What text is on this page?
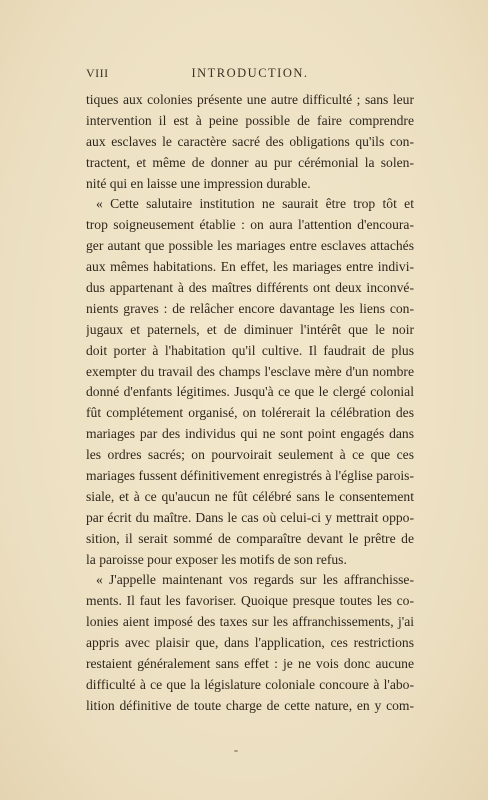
VIII	INTRODUCTION.
tiques aux colonies présente une autre difficulté ; sans leur
intervention il est à peine possible de faire comprendre
aux esclaves le caractère sacré des obligations qu'ils con-
tractent, et même de donner au pur cérémonial la solen-
nité qui en laisse une impression durable.
« Cette salutaire institution ne saurait être trop tôt et
trop soigneusement établie : on aura l'attention d'encoura-
ger autant que possible les mariages entre esclaves attachés
aux mêmes habitations. En effet, les mariages entre indivi-
dus appartenant à des maîtres différents ont deux inconvé-
nients graves : de relâcher encore davantage les liens con-
jugaux et paternels, et de diminuer l'intérêt que le noir
doit porter à l'habitation qu'il cultive. Il faudrait de plus
exempter du travail des champs l'esclave mère d'un nombre
donné d'enfants légitimes. Jusqu'à ce que le clergé colonial
fût complétement organisé, on tolérerait la célébration des
mariages par des individus qui ne sont point engagés dans
les ordres sacrés; on pourvoirait seulement à ce que ces
mariages fussent définitivement enregistrés à l'église parois-
siale, et à ce qu'aucun ne fût célébré sans le consentement
par écrit du maître. Dans le cas où celui-ci y mettrait oppo-
sition, il serait sommé de comparaître devant le prêtre de
la paroisse pour exposer les motifs de son refus.
« J'appelle maintenant vos regards sur les affranchisse-
ments. Il faut les favoriser. Quoique presque toutes les co-
lonies aient imposé des taxes sur les affranchissements, j'ai
appris avec plaisir que, dans l'application, ces restrictions
restaient généralement sans effet : je ne vois donc aucune
difficulté à ce que la législature coloniale concoure à l'abo-
lition définitive de toute charge de cette nature, en y com-
